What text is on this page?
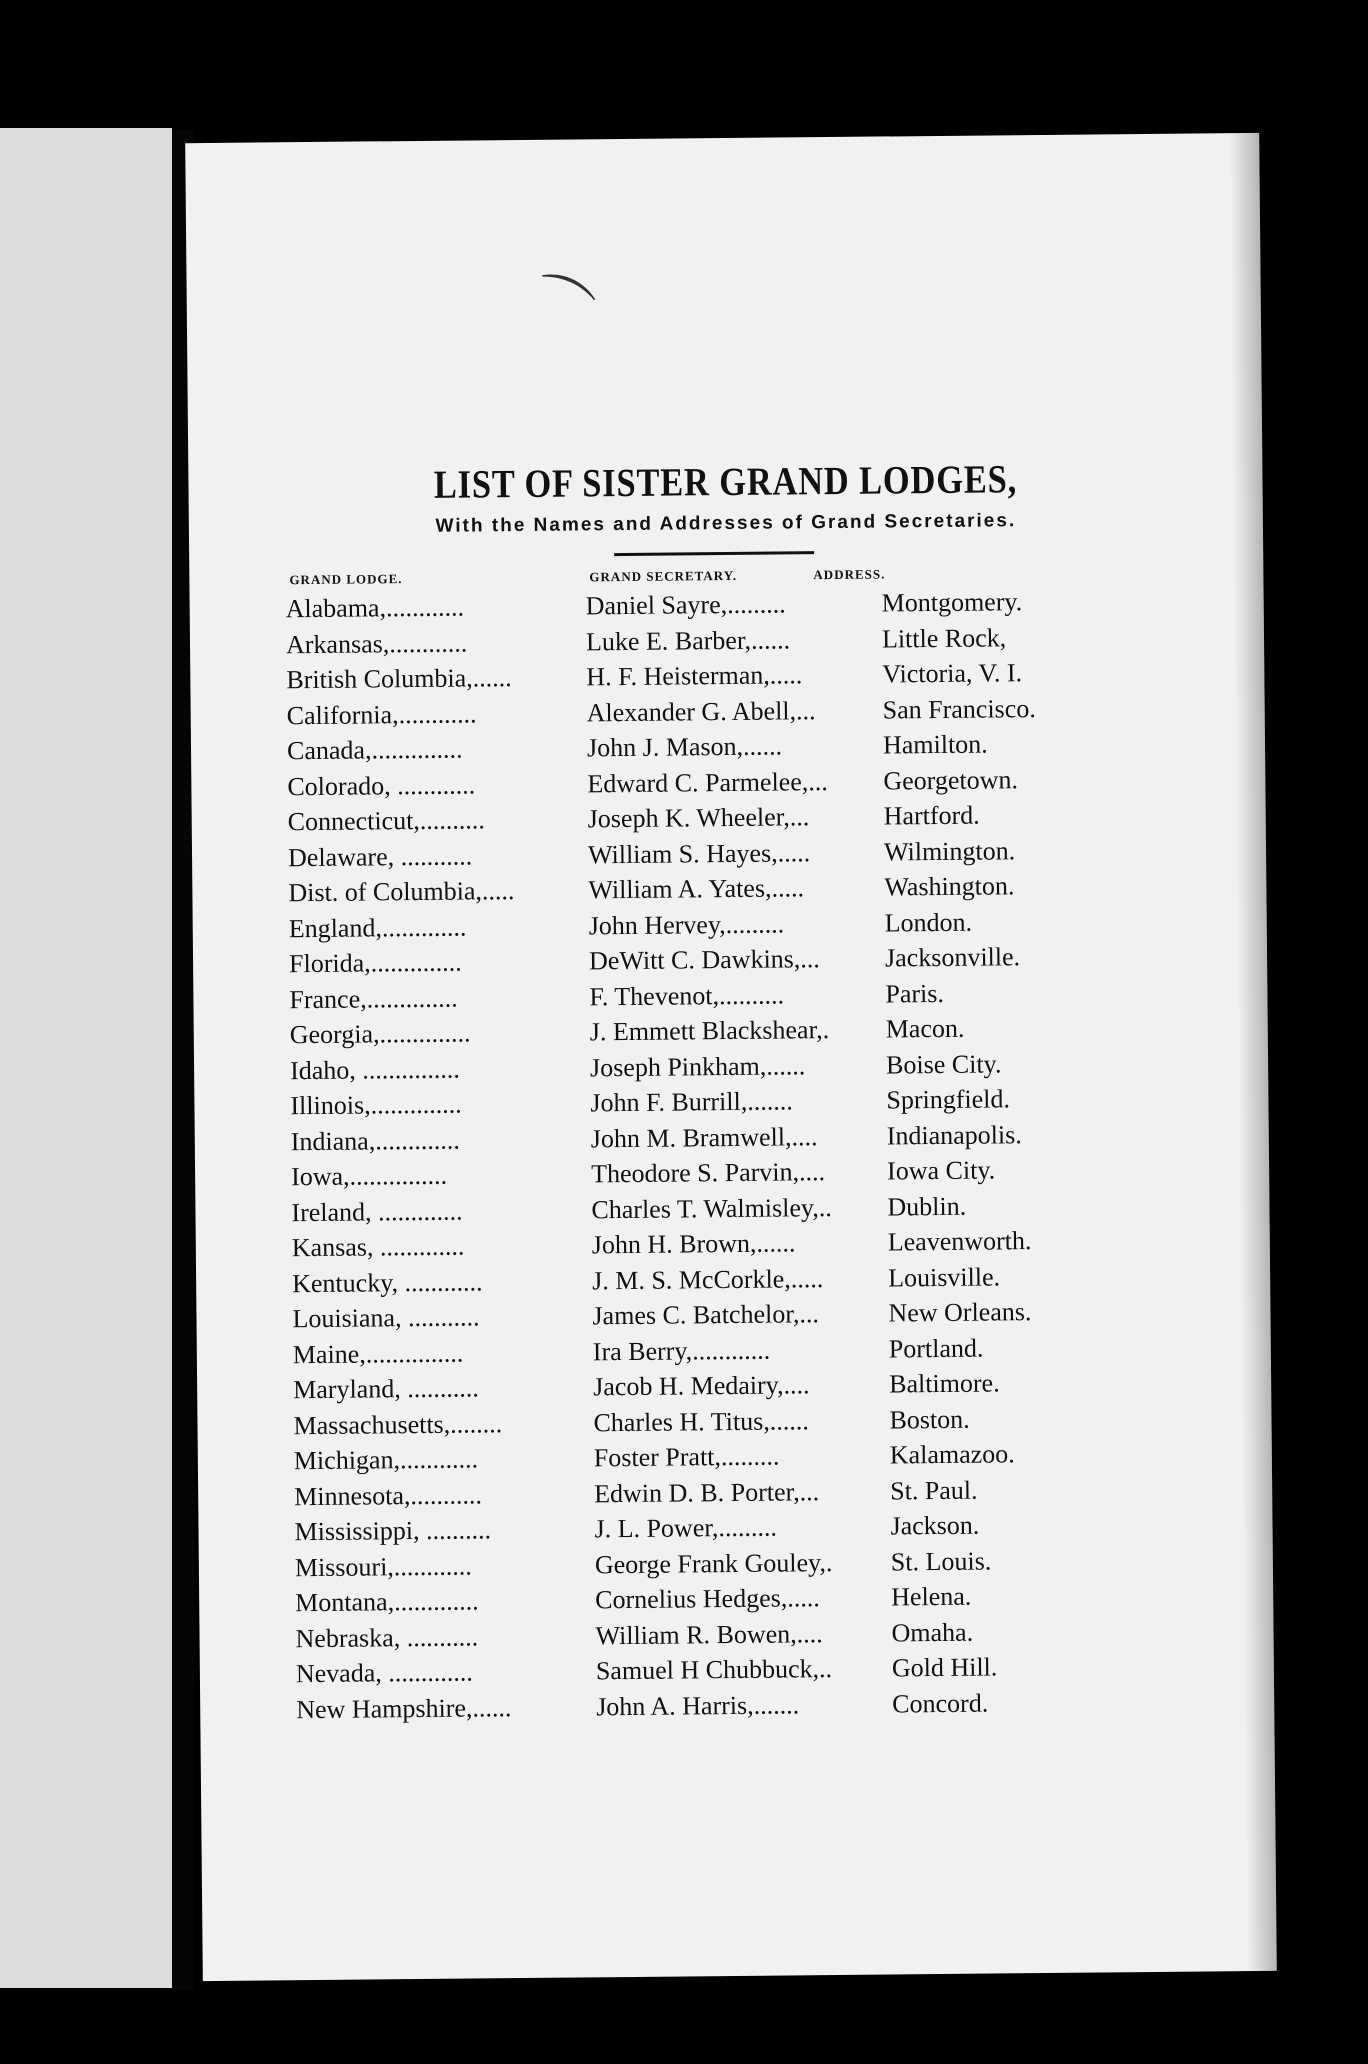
⌒
LIST OF SISTER GRAND LODGES,
With the Names and Addresses of Grand Secretaries.
GRAND LODGE.	GRAND SECRETARY.	ADDRESS.
Alabama,............	Daniel Sayre,.........	Montgomery.
Arkansas,............	Luke E. Barber,......	Little Rock,
British Columbia,......	H. F. Heisterman,.....	Victoria, V. I.
California,............	Alexander G. Abell,...	San Francisco.
Canada,..............	John J. Mason,......	Hamilton.
Colorado, ............	Edward C. Parmelee,...	Georgetown.
Connecticut,..........	Joseph K. Wheeler,...	Hartford.
Delaware, ...........	William S. Hayes,.....	Wilmington.
Dist. of Columbia,.....	William A. Yates,.....	Washington.
England,.............	John Hervey,.........	London.
Florida,..............	DeWitt C. Dawkins,...	Jacksonville.
France,..............	F. Thevenot,..........	Paris.
Georgia,..............	J. Emmett Blackshear,.	Macon.
Idaho, ...............	Joseph Pinkham,......	Boise City.
Illinois,..............	John F. Burrill,.......	Springfield.
Indiana,.............	John M. Bramwell,....	Indianapolis.
Iowa,...............	Theodore S. Parvin,....	Iowa City.
Ireland, .............	Charles T. Walmisley,..	Dublin.
Kansas, .............	John H. Brown,......	Leavenworth.
Kentucky, ............	J. M. S. McCorkle,.....	Louisville.
Louisiana, ...........	James C. Batchelor,...	New Orleans.
Maine,...............	Ira Berry,............	Portland.
Maryland, ...........	Jacob H. Medairy,....	Baltimore.
Massachusetts,........	Charles H. Titus,......	Boston.
Michigan,............	Foster Pratt,.........	Kalamazoo.
Minnesota,...........	Edwin D. B. Porter,...	St. Paul.
Mississippi, ..........	J. L. Power,.........	Jackson.
Missouri,............	George Frank Gouley,.	St. Louis.
Montana,.............	Cornelius Hedges,.....	Helena.
Nebraska, ...........	William R. Bowen,....	Omaha.
Nevada, .............	Samuel H Chubbuck,..	Gold Hill.
New Hampshire,......	John A. Harris,.......	Concord.
